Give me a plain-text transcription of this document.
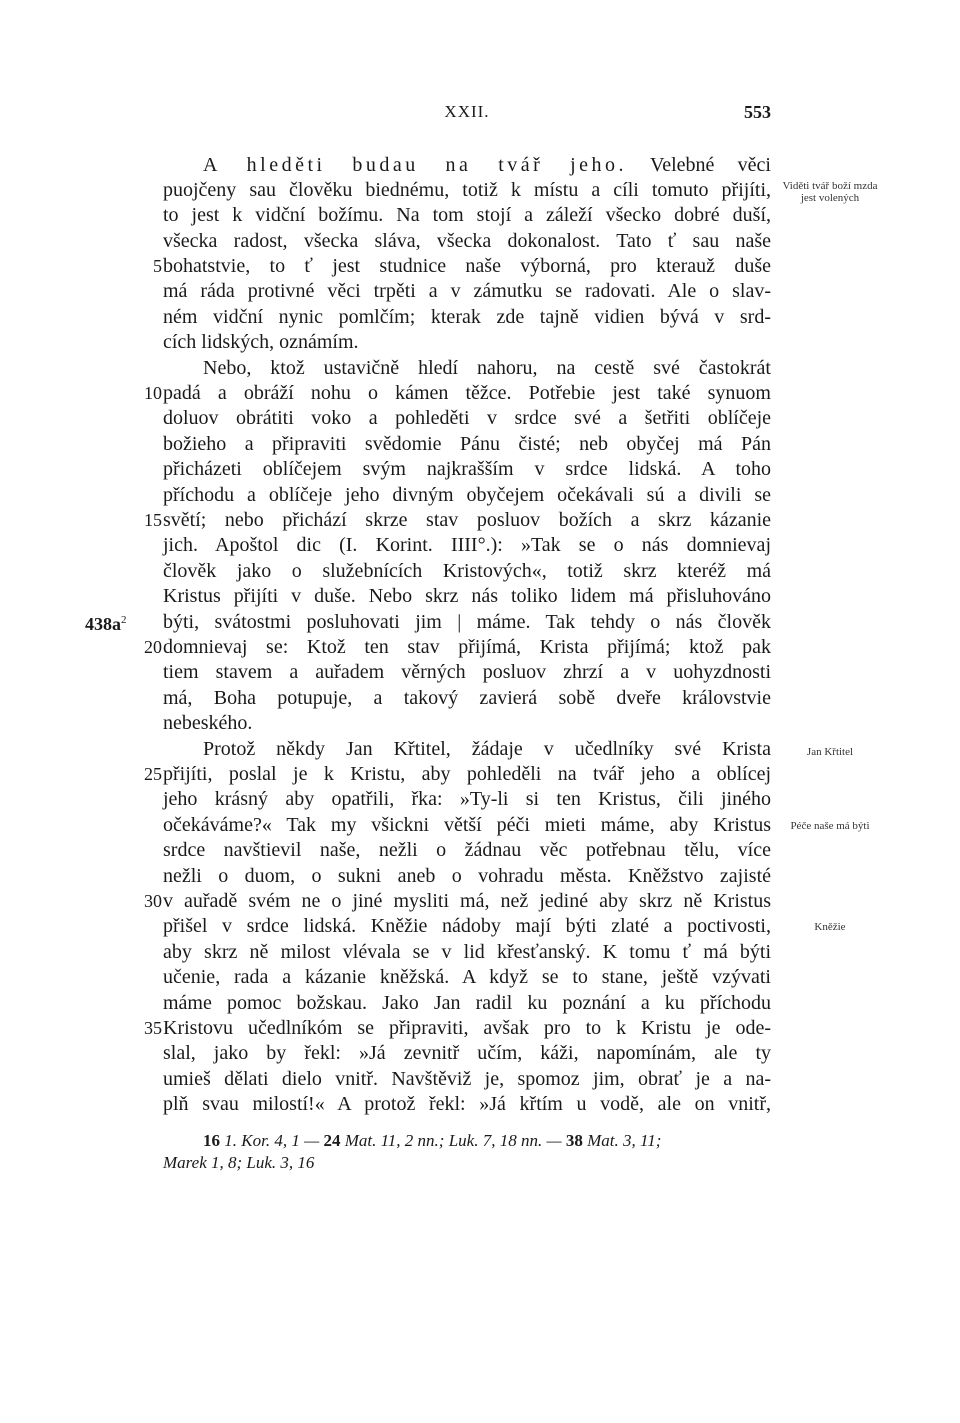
XXII.	553
Viděti tvář boží mzda jest volených
Jan Křtitel
Péče naše má býti
Kněžie
$438a^2$
5
10
15
20
25
30
35
A hleděti budau na tvář jeho. Velebné věci
puojčeny sau člověku biednému, totiž k místu a cíli tomuto přijíti,
to jest k vidční božímu. Na tom stojí a záleží všecko dobré duší,
všecka radost, všecka sláva, všecka dokonalost. Tato ť sau naše
bohatstvie, to ť jest studnice naše výborná, pro kterauž duše
má ráda protivné věci trpěti a v zámutku se radovati. Ale o slav-
ném vidční nynic pomlčím; kterak zde tajně vidien bývá v srd-
cích lidských, oznámím.
Nebo, ktož ustavičně hledí nahoru, na cestě své častokrát
padá a obráží nohu o kámen těžce. Potřebie jest také synuom
doluov obrátiti voko a pohleděti v srdce své a šetřiti oblíčeje
božieho a připraviti svědomie Pánu čisté; neb obyčej má Pán
přicházeti oblíčejem svým najkrašším v srdce lidská. A toho
příchodu a oblíčeje jeho divným obyčejem očekávali sú a divili se
světí; nebo přichází skrze stav posluov božích a skrz kázanie
jich. Apoštol dic (I. Korint. IIII°.): »Tak se o nás domnievaj
člověk jako o služebnících Kristových«, totiž skrz kteréž má
Kristus přijíti v duše. Nebo skrz nás toliko lidem má přisluhováno
býti, svátostmi posluhovati jim | máme. Tak tehdy o nás člověk
domnievaj se: Ktož ten stav přijímá, Krista přijímá; ktož pak
tiem stavem a auřadem věrných posluov zhrzí a v uohyzdnosti
má, Boha potupuje, a takový zavierá sobě dveře královstvie
nebeského.
Protož někdy Jan Křtitel, žádaje v učedlníky své Krista
přijíti, poslal je k Kristu, aby pohleděli na tvář jeho a oblícej
jeho krásný aby opatřili, řka: »Ty-li si ten Kristus, čili jiného
očekáváme?« Tak my všickni větší péči mieti máme, aby Kristus
srdce navštievil naše, nežli o žádnau věc potřebnau tělu, více
nežli o duom, o sukni aneb o vohradu města. Kněžstvo zajisté
v auřadě svém ne o jiné mysliti má, než jediné aby skrz ně Kristus
přišel v srdce lidská. Kněžie nádoby mají býti zlaté a poctivosti,
aby skrz ně milost vlévala se v lid křesťanský. K tomu ť má býti
učenie, rada a kázanie kněžská. A když se to stane, ještě vzývati
máme pomoc božskau. Jako Jan radil ku poznání a ku příchodu
Kristovu učedlníkóm se připraviti, avšak pro to k Kristu je ode-
slal, jako by řekl: »Já zevnitř učím, káži, napomínám, ale ty
umieš dělati dielo vnitř. Navštěviž je, spomoz jim, obrať je a na-
plň svau milostí!« A protož řekl: »Já křtím u vodě, ale on vnitř,
16 1. Kor. 4, 1 — 24 Mat. 11, 2 nn.; Luk. 7, 18 nn. — 38 Mat. 3, 11;
Marek 1, 8; Luk. 3, 16
